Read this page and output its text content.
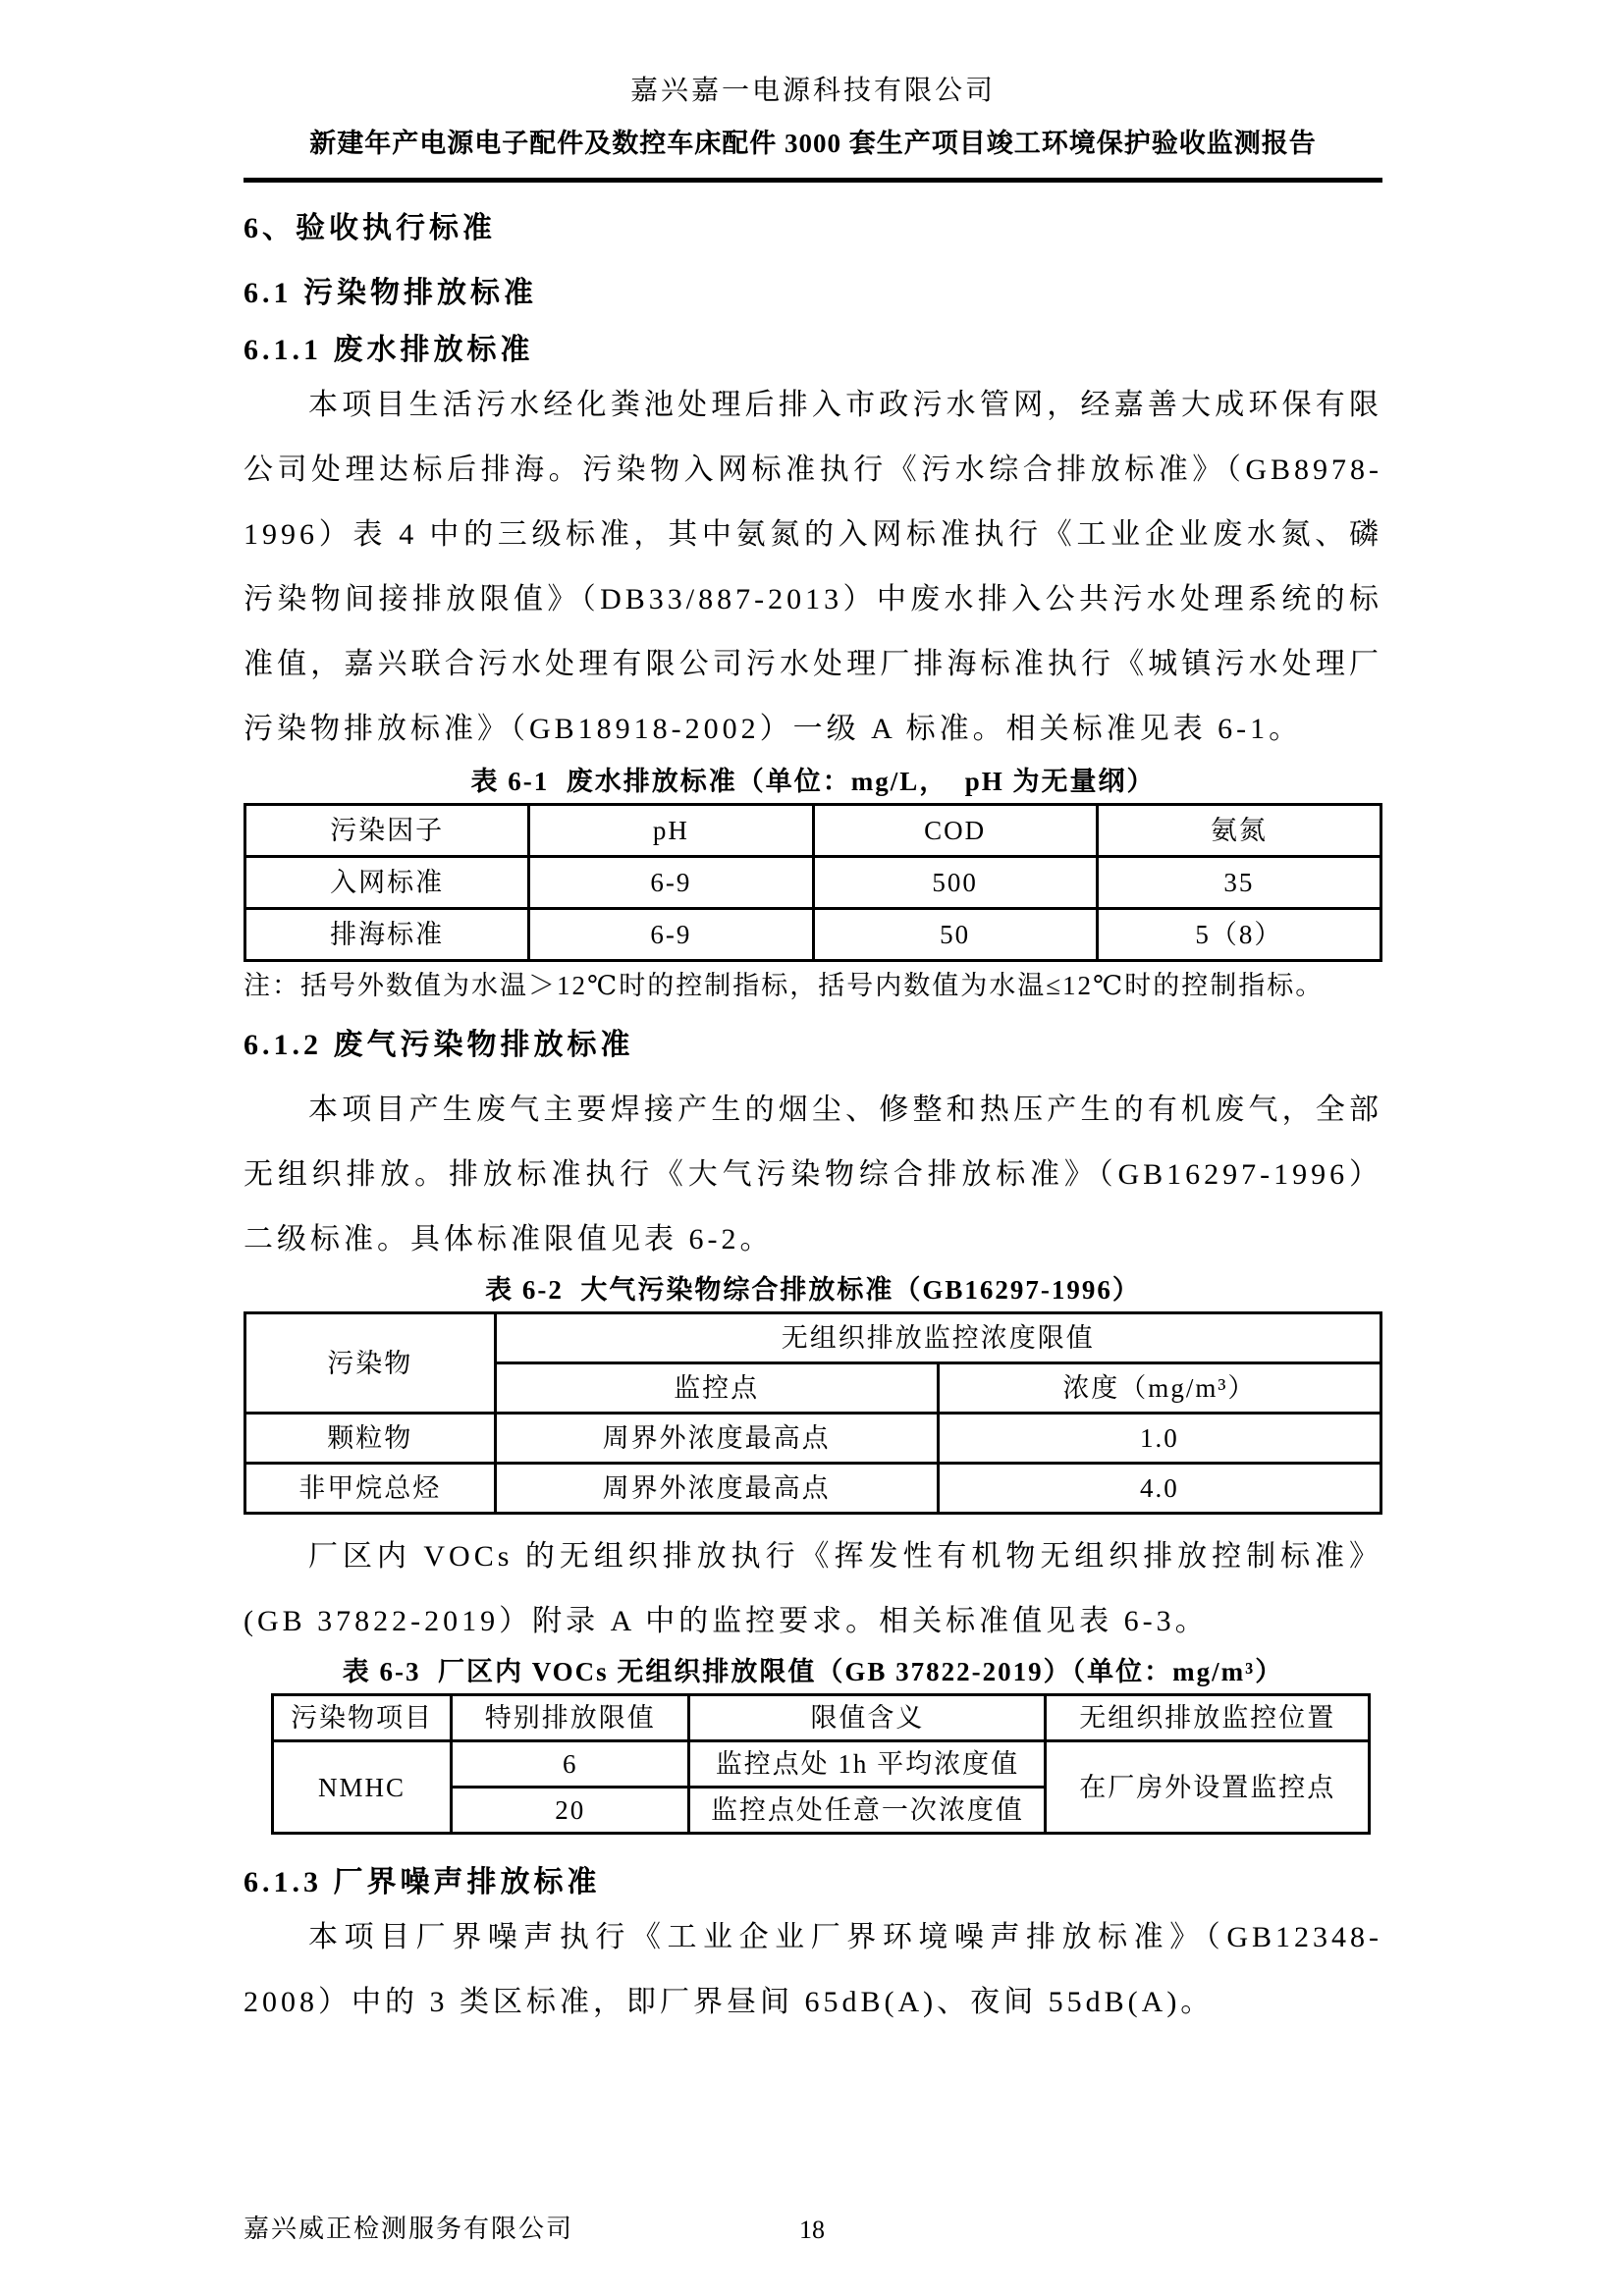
嘉兴嘉一电源科技有限公司
新建年产电源电子配件及数控车床配件 3000 套生产项目竣工环境保护验收监测报告
6、验收执行标准
6.1 污染物排放标准
6.1.1 废水排放标准

本项目生活污水经化粪池处理后排入市政污水管网，经嘉善大成环保有限公司处理达标后排海。污染物入网标准执行《污水综合排放标准》（GB8978-1996）表 4 中的三级标准，其中氨氮的入网标准执行《工业企业废水氮、磷污染物间接排放限值》（DB33/887-2013）中废水排入公共污水处理系统的标准值，嘉兴联合污水处理有限公司污水处理厂排海标准执行《城镇污水处理厂污染物排放标准》（GB18918-2002）一级 A 标准。相关标准见表 6-1。

表 6-1  废水排放标准（单位：mg/L，  pH 为无量纲）
污染因子	pH	COD	氨氮
入网标准	6-9	500	35
排海标准	6-9	50	5（8）
注：括号外数值为水温＞12℃时的控制指标，括号内数值为水温≤12℃时的控制指标。
6.1.2 废气污染物排放标准

本项目产生废气主要焊接产生的烟尘、修整和热压产生的有机废气，全部无组织排放。排放标准执行《大气污染物综合排放标准》（GB16297-1996）二级标准。具体标准限值见表 6-2。

表 6-2  大气污染物综合排放标准（GB16297-1996）
污染物	无组织排放监控浓度限值	
	监控点	浓度（mg/m³）
颗粒物	周界外浓度最高点	1.0
非甲烷总烃	周界外浓度最高点	4.0

厂区内 VOCs 的无组织排放执行《挥发性有机物无组织排放控制标准》(GB 37822-2019）附录 A 中的监控要求。相关标准值见表 6-3。

表 6-3  厂区内 VOCs 无组织排放限值（GB 37822-2019）（单位：mg/m³）
污染物项目	特别排放限值	限值含义	无组织排放监控位置
NMHC	6	监控点处 1h 平均浓度值	在厂房外设置监控点
	20	监控点处任意一次浓度值	
6.1.3 厂界噪声排放标准

本项目厂界噪声执行《工业企业厂界环境噪声排放标准》（GB12348-2008）中的 3 类区标准，即厂界昼间 65dB(A)、夜间 55dB(A)。

嘉兴威正检测服务有限公司	18
